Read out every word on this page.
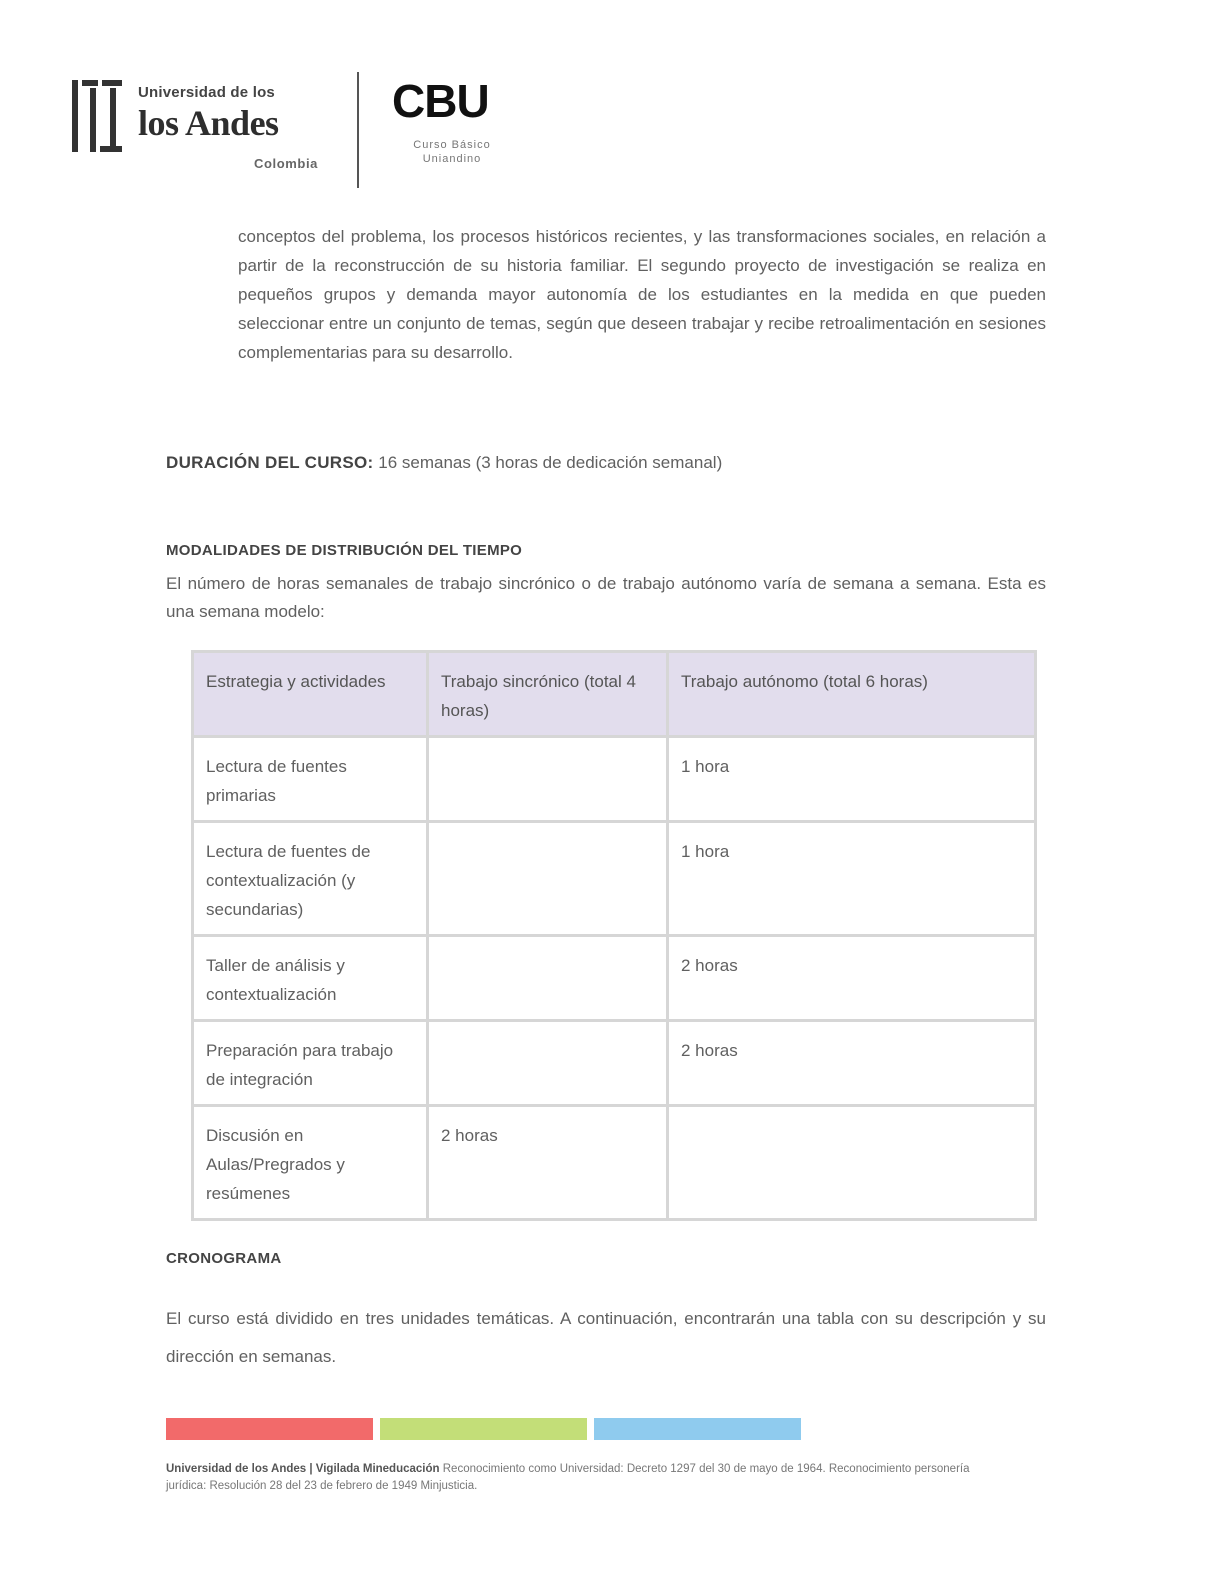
Universidad de los
los Andes
Colombia
CBU
Curso Básico
Uniandino

conceptos del problema, los procesos históricos recientes, y las transformaciones sociales, en relación a partir de la reconstrucción de su historia familiar. El segundo proyecto de investigación se realiza en pequeños grupos y demanda mayor autonomía de los estudiantes en la medida en que pueden seleccionar entre un conjunto de temas, según que deseen trabajar y recibe retroalimentación en sesiones complementarias para su desarrollo.

DURACIÓN DEL CURSO: 16 semanas (3 horas de dedicación semanal)

MODALIDADES DE DISTRIBUCIÓN DEL TIEMPO

El número de horas semanales de trabajo sincrónico o de trabajo autónomo varía de semana a semana. Esta es una semana modelo:

Estrategia y actividades	Trabajo sincrónico (total 4 horas)	Trabajo autónomo (total 6 horas)
Lectura de fuentes primarias		1 hora
Lectura de fuentes de contextualización (y secundarias)		1 hora
Taller de análisis y contextualización		2 horas
Preparación para trabajo de integración		2 horas
Discusión en Aulas/Pregrados y resúmenes	2 horas	

CRONOGRAMA

El curso está dividido en tres unidades temáticas. A continuación, encontrarán una tabla con su descripción y su dirección en semanas.

Universidad de los Andes | Vigilada Mineducación Reconocimiento como Universidad: Decreto 1297 del 30 de mayo de 1964. Reconocimiento personería jurídica: Resolución 28 del 23 de febrero de 1949 Minjusticia.
